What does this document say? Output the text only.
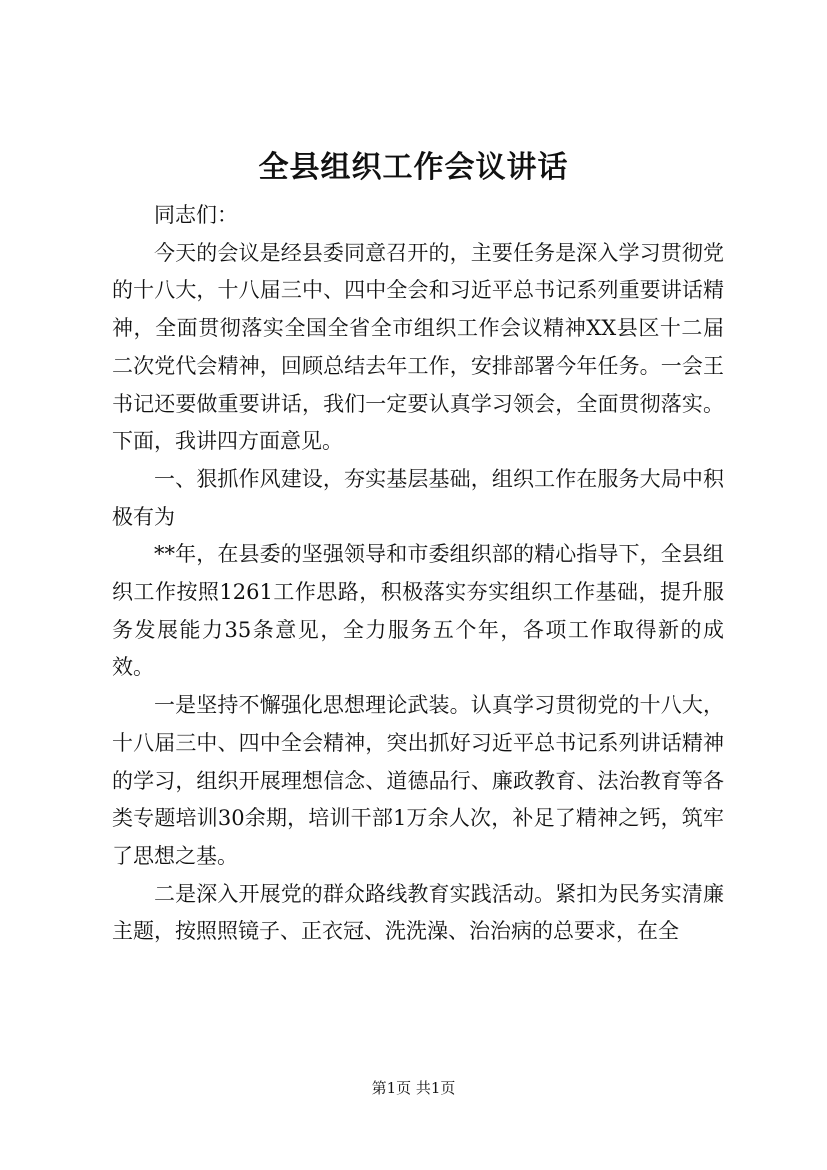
全县组织工作会议讲话

同志们：

今天的会议是经县委同意召开的，主要任务是深入学习贯彻党的十八大，十八届三中、四中全会和习近平总书记系列重要讲话精神，全面贯彻落实全国全省全市组织工作会议精神XX县区十二届二次党代会精神，回顾总结去年工作，安排部署今年任务。一会王书记还要做重要讲话，我们一定要认真学习领会，全面贯彻落实。下面，我讲四方面意见。

一、狠抓作风建设，夯实基层基础，组织工作在服务大局中积极有为

**年，在县委的坚强领导和市委组织部的精心指导下，全县组织工作按照1261工作思路，积极落实夯实组织工作基础，提升服务发展能力35条意见，全力服务五个年，各项工作取得新的成效。

一是坚持不懈强化思想理论武装。认真学习贯彻党的十八大，十八届三中、四中全会精神，突出抓好习近平总书记系列讲话精神的学习，组织开展理想信念、道德品行、廉政教育、法治教育等各类专题培训30余期，培训干部1万余人次，补足了精神之钙，筑牢了思想之基。

二是深入开展党的群众路线教育实践活动。紧扣为民务实清廉主题，按照照镜子、正衣冠、洗洗澡、治治病的总要求，在全

第1页 共1页
